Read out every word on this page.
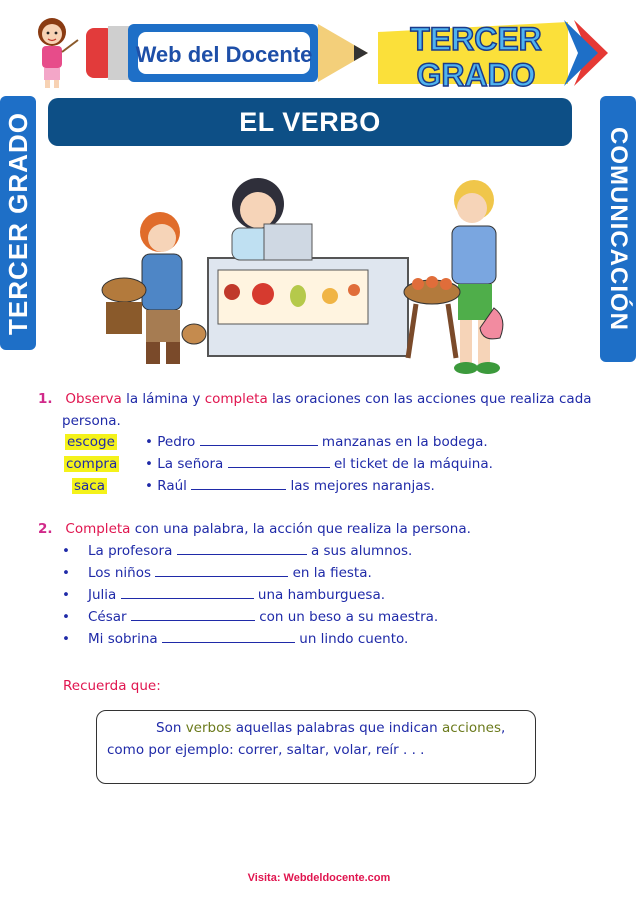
Web del Docente	TERCER
GRADO
TERCER GRADO	COMUNICACIÓN
EL VERBO
1. Observa la lámina y completa las oraciones con las acciones que realiza cada
persona.
escoge
compra
saca
• Pedro	manzanas en la bodega.
• La señora	el ticket de la máquina.
• Raúl	las mejores naranjas.
2. Completa con una palabra, la acción que realiza la persona.
• La profesora	a sus alumnos.
• Los niños	en la fiesta.
• Julia	una hamburguesa.
• César	con un beso a su maestra.
• Mi sobrina	un lindo cuento.
Recuerda que:
Son verbos aquellas palabras que indican acciones,
como por ejemplo: correr, saltar, volar, reír . . .
Visita: Webdeldocente.com
